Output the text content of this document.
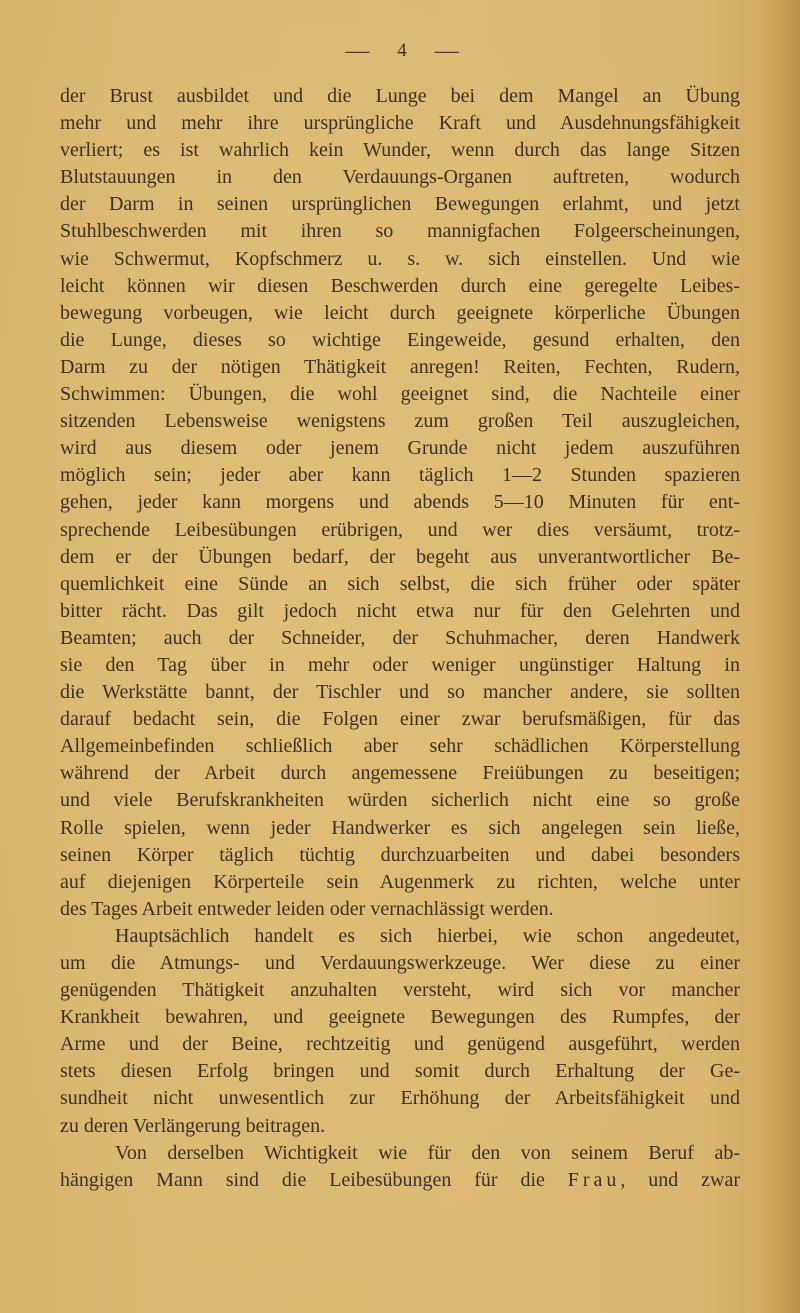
— 4 —
der Brust ausbildet und die Lunge bei dem Mangel an Übung
mehr und mehr ihre ursprüngliche Kraft und Ausdehnungsfähigkeit
verliert; es ist wahrlich kein Wunder, wenn durch das lange Sitzen
Blutstauungen in den Verdauungs-Organen auftreten, wodurch
der Darm in seinen ursprünglichen Bewegungen erlahmt, und jetzt
Stuhlbeschwerden mit ihren so mannigfachen Folgeerscheinungen,
wie Schwermut, Kopfschmerz u. s. w. sich einstellen. Und wie
leicht können wir diesen Beschwerden durch eine geregelte Leibes-
bewegung vorbeugen, wie leicht durch geeignete körperliche Übungen
die Lunge, dieses so wichtige Eingeweide, gesund erhalten, den
Darm zu der nötigen Thätigkeit anregen! Reiten, Fechten, Rudern,
Schwimmen: Übungen, die wohl geeignet sind, die Nachteile einer
sitzenden Lebensweise wenigstens zum großen Teil auszugleichen,
wird aus diesem oder jenem Grunde nicht jedem auszuführen
möglich sein; jeder aber kann täglich 1—2 Stunden spazieren
gehen, jeder kann morgens und abends 5—10 Minuten für ent-
sprechende Leibesübungen erübrigen, und wer dies versäumt, trotz-
dem er der Übungen bedarf, der begeht aus unverantwortlicher Be-
quemlichkeit eine Sünde an sich selbst, die sich früher oder später
bitter rächt. Das gilt jedoch nicht etwa nur für den Gelehrten und
Beamten; auch der Schneider, der Schuhmacher, deren Handwerk
sie den Tag über in mehr oder weniger ungünstiger Haltung in
die Werkstätte bannt, der Tischler und so mancher andere, sie sollten
darauf bedacht sein, die Folgen einer zwar berufsmäßigen, für das
Allgemeinbefinden schließlich aber sehr schädlichen Körperstellung
während der Arbeit durch angemessene Freiübungen zu beseitigen;
und viele Berufskrankheiten würden sicherlich nicht eine so große
Rolle spielen, wenn jeder Handwerker es sich angelegen sein ließe,
seinen Körper täglich tüchtig durchzuarbeiten und dabei besonders
auf diejenigen Körperteile sein Augenmerk zu richten, welche unter
des Tages Arbeit entweder leiden oder vernachlässigt werden.
Hauptsächlich handelt es sich hierbei, wie schon angedeutet,
um die Atmungs- und Verdauungswerkzeuge. Wer diese zu einer
genügenden Thätigkeit anzuhalten versteht, wird sich vor mancher
Krankheit bewahren, und geeignete Bewegungen des Rumpfes, der
Arme und der Beine, rechtzeitig und genügend ausgeführt, werden
stets diesen Erfolg bringen und somit durch Erhaltung der Ge-
sundheit nicht unwesentlich zur Erhöhung der Arbeitsfähigkeit und
zu deren Verlängerung beitragen.
Von derselben Wichtigkeit wie für den von seinem Beruf ab-
hängigen Mann sind die Leibesübungen für die Frau, und zwar
